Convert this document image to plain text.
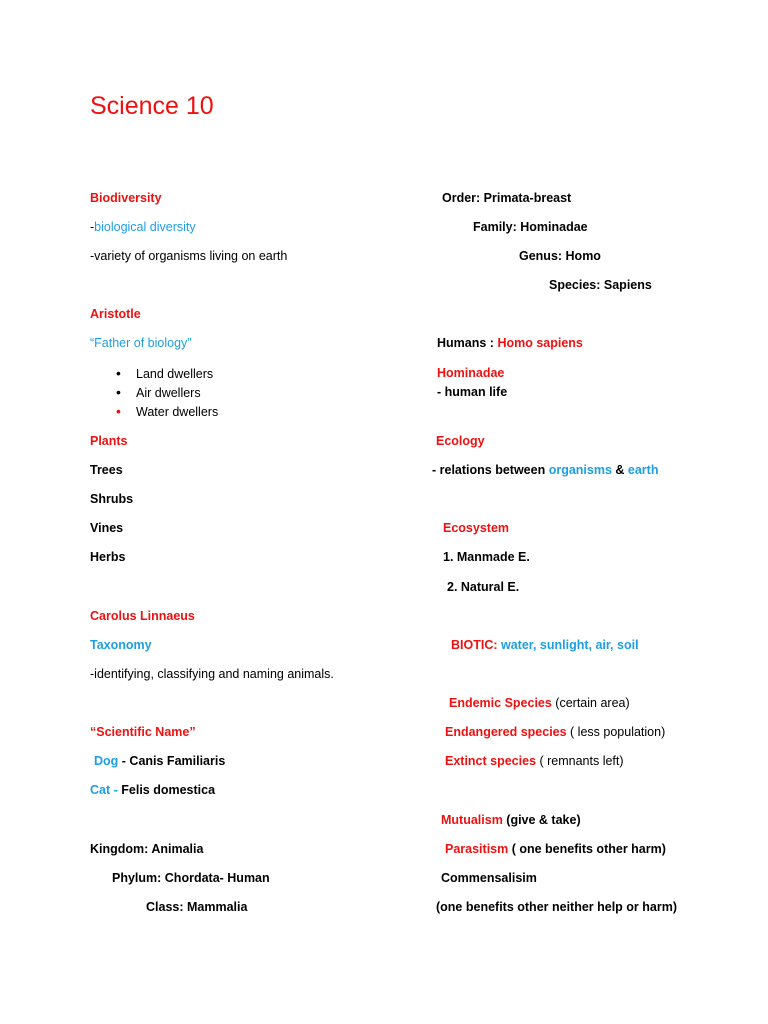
Science 10
Biodiversity
-biological diversity
-variety of organisms living on earth
Aristotle
“Father of biology”
• Land dwellers
• Air dwellers
• Water dwellers
Plants
Trees
Shrubs
Vines
Herbs
Carolus Linnaeus
Taxonomy
-identifying, classifying and naming animals.
“Scientific Name”
Dog - Canis Familiaris
Cat - Felis domestica
Kingdom: Animalia
Phylum: Chordata- Human
Class: Mammalia
Order: Primata-breast
Family: Hominadae
Genus: Homo
Species: Sapiens
Humans : Homo sapiens
Hominadae
- human life
Ecology
- relations between organisms & earth
Ecosystem
1. Manmade E.
2. Natural E.
BIOTIC: water, sunlight, air, soil
Endemic Species (certain area)
Endangered species ( less population)
Extinct species ( remnants left)
Mutualism (give & take)
Parasitism ( one benefits other harm)
Commensalisim
(one benefits other neither help or harm)
